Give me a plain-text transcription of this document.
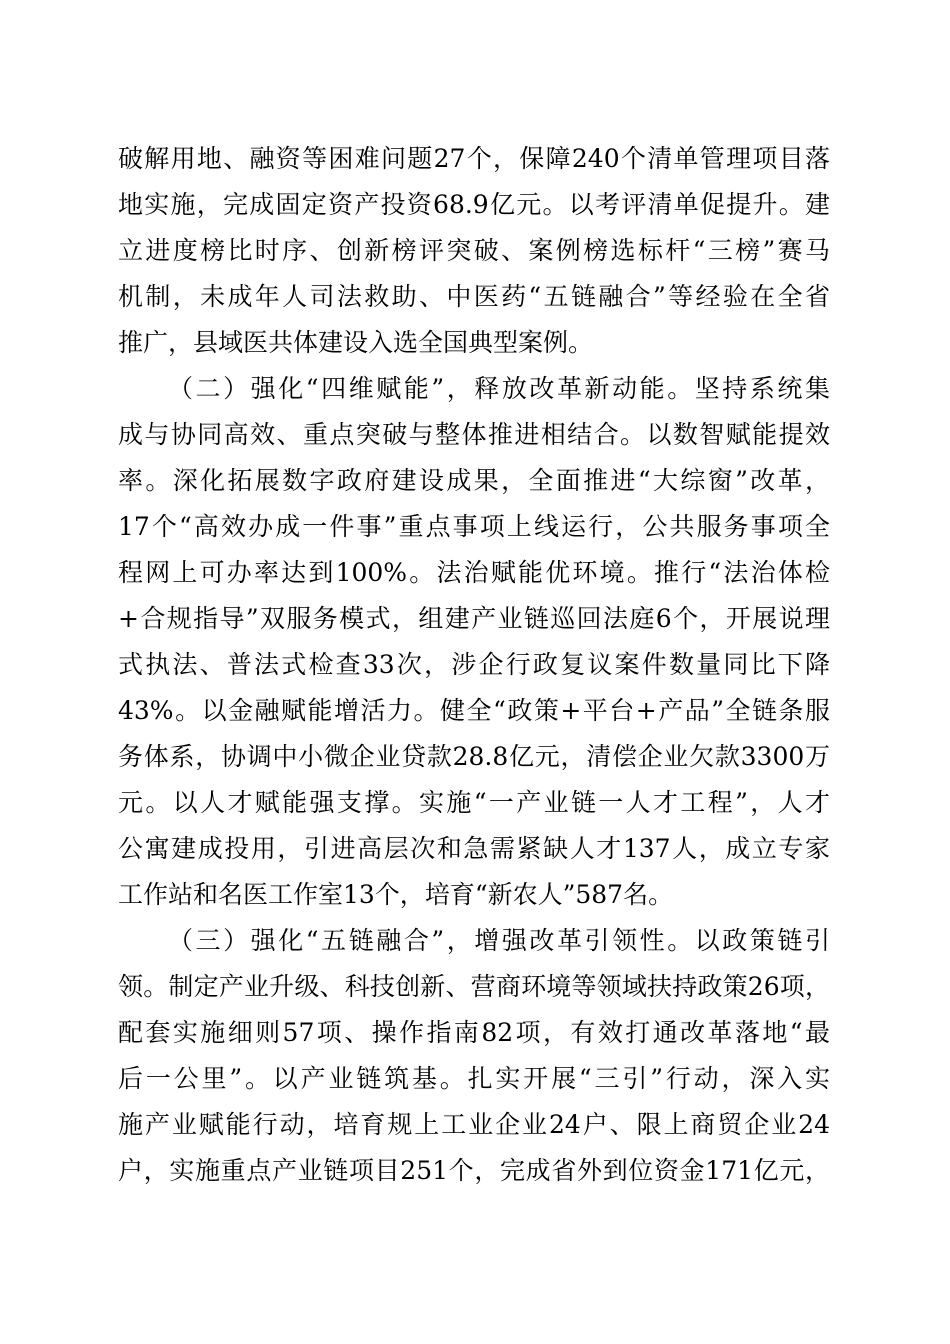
破解用地、融资等困难问题27个，保障240个清单管理项目落
地实施，完成固定资产投资68.9亿元。以考评清单促提升。建
立进度榜比时序、创新榜评突破、案例榜选标杆“三榜”赛马
机制，未成年人司法救助、中医药“五链融合”等经验在全省
推广，县域医共体建设入选全国典型案例。
（二）强化“四维赋能”，释放改革新动能。坚持系统集
成与协同高效、重点突破与整体推进相结合。以数智赋能提效
率。深化拓展数字政府建设成果，全面推进“大综窗”改革，
17个“高效办成一件事”重点事项上线运行，公共服务事项全
程网上可办率达到100%。法治赋能优环境。推行“法治体检
+合规指导”双服务模式，组建产业链巡回法庭6个，开展说理
式执法、普法式检查33次，涉企行政复议案件数量同比下降
43%。以金融赋能增活力。健全“政策+平台+产品”全链条服
务体系，协调中小微企业贷款28.8亿元，清偿企业欠款3300万
元。以人才赋能强支撑。实施“一产业链一人才工程”，人才
公寓建成投用，引进高层次和急需紧缺人才137人，成立专家
工作站和名医工作室13个，培育“新农人”587名。
（三）强化“五链融合”，增强改革引领性。以政策链引
领。制定产业升级、科技创新、营商环境等领域扶持政策26项，
配套实施细则57项、操作指南82项，有效打通改革落地“最
后一公里”。以产业链筑基。扎实开展“三引”行动，深入实
施产业赋能行动，培育规上工业企业24户、限上商贸企业24
户，实施重点产业链项目251个，完成省外到位资金171亿元，
